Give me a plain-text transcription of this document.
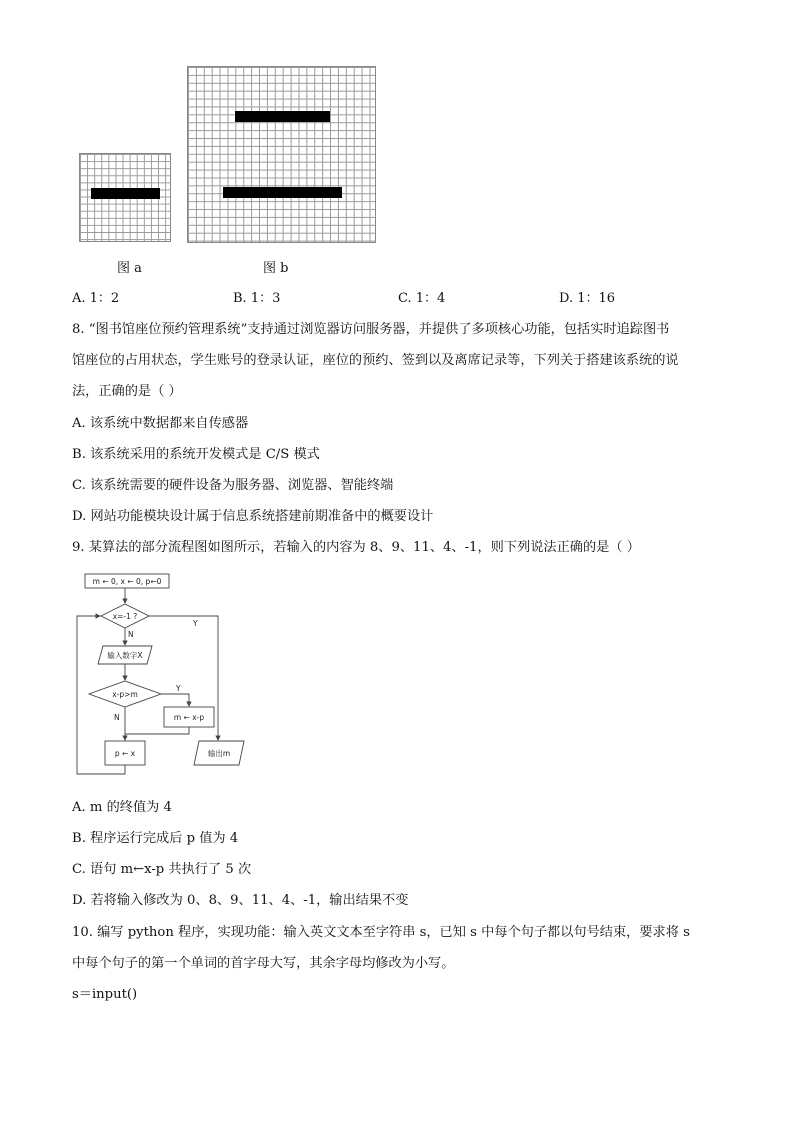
图 a	图 b
A. 1：2	B. 1：3	C. 1：4	D. 1：16
8. “图书馆座位预约管理系统”支持通过浏览器访问服务器，并提供了多项核心功能，包括实时追踪图书
馆座位的占用状态，学生账号的登录认证，座位的预约、签到以及离席记录等，下列关于搭建该系统的说
法，正确的是（ ）
A. 该系统中数据都来自传感器
B. 该系统采用的系统开发模式是 C/S 模式
C. 该系统需要的硬件设备为服务器、浏览器、智能终端
D. 网站功能模块设计属于信息系统搭建前期准备中的概要设计
9. 某算法的部分流程图如图所示，若输入的内容为 8、9、11、4、-1，则下列说法正确的是（ ）
m ← 0, x ← 0, p←0
x=-1 ?
Y
N
输入数字X
x-p>m
Y
m ← x-p
N
p ← x	输出m
A. m 的终值为 4
B. 程序运行完成后 p 值为 4
C. 语句 m←x-p 共执行了 5 次
D. 若将输入修改为 0、8、9、11、4、-1，输出结果不变
10. 编写 python 程序，实现功能：输入英文文本至字符串 s，已知 s 中每个句子都以句号结束，要求将 s
中每个句子的第一个单词的首字母大写，其余字母均修改为小写。
s＝input()
